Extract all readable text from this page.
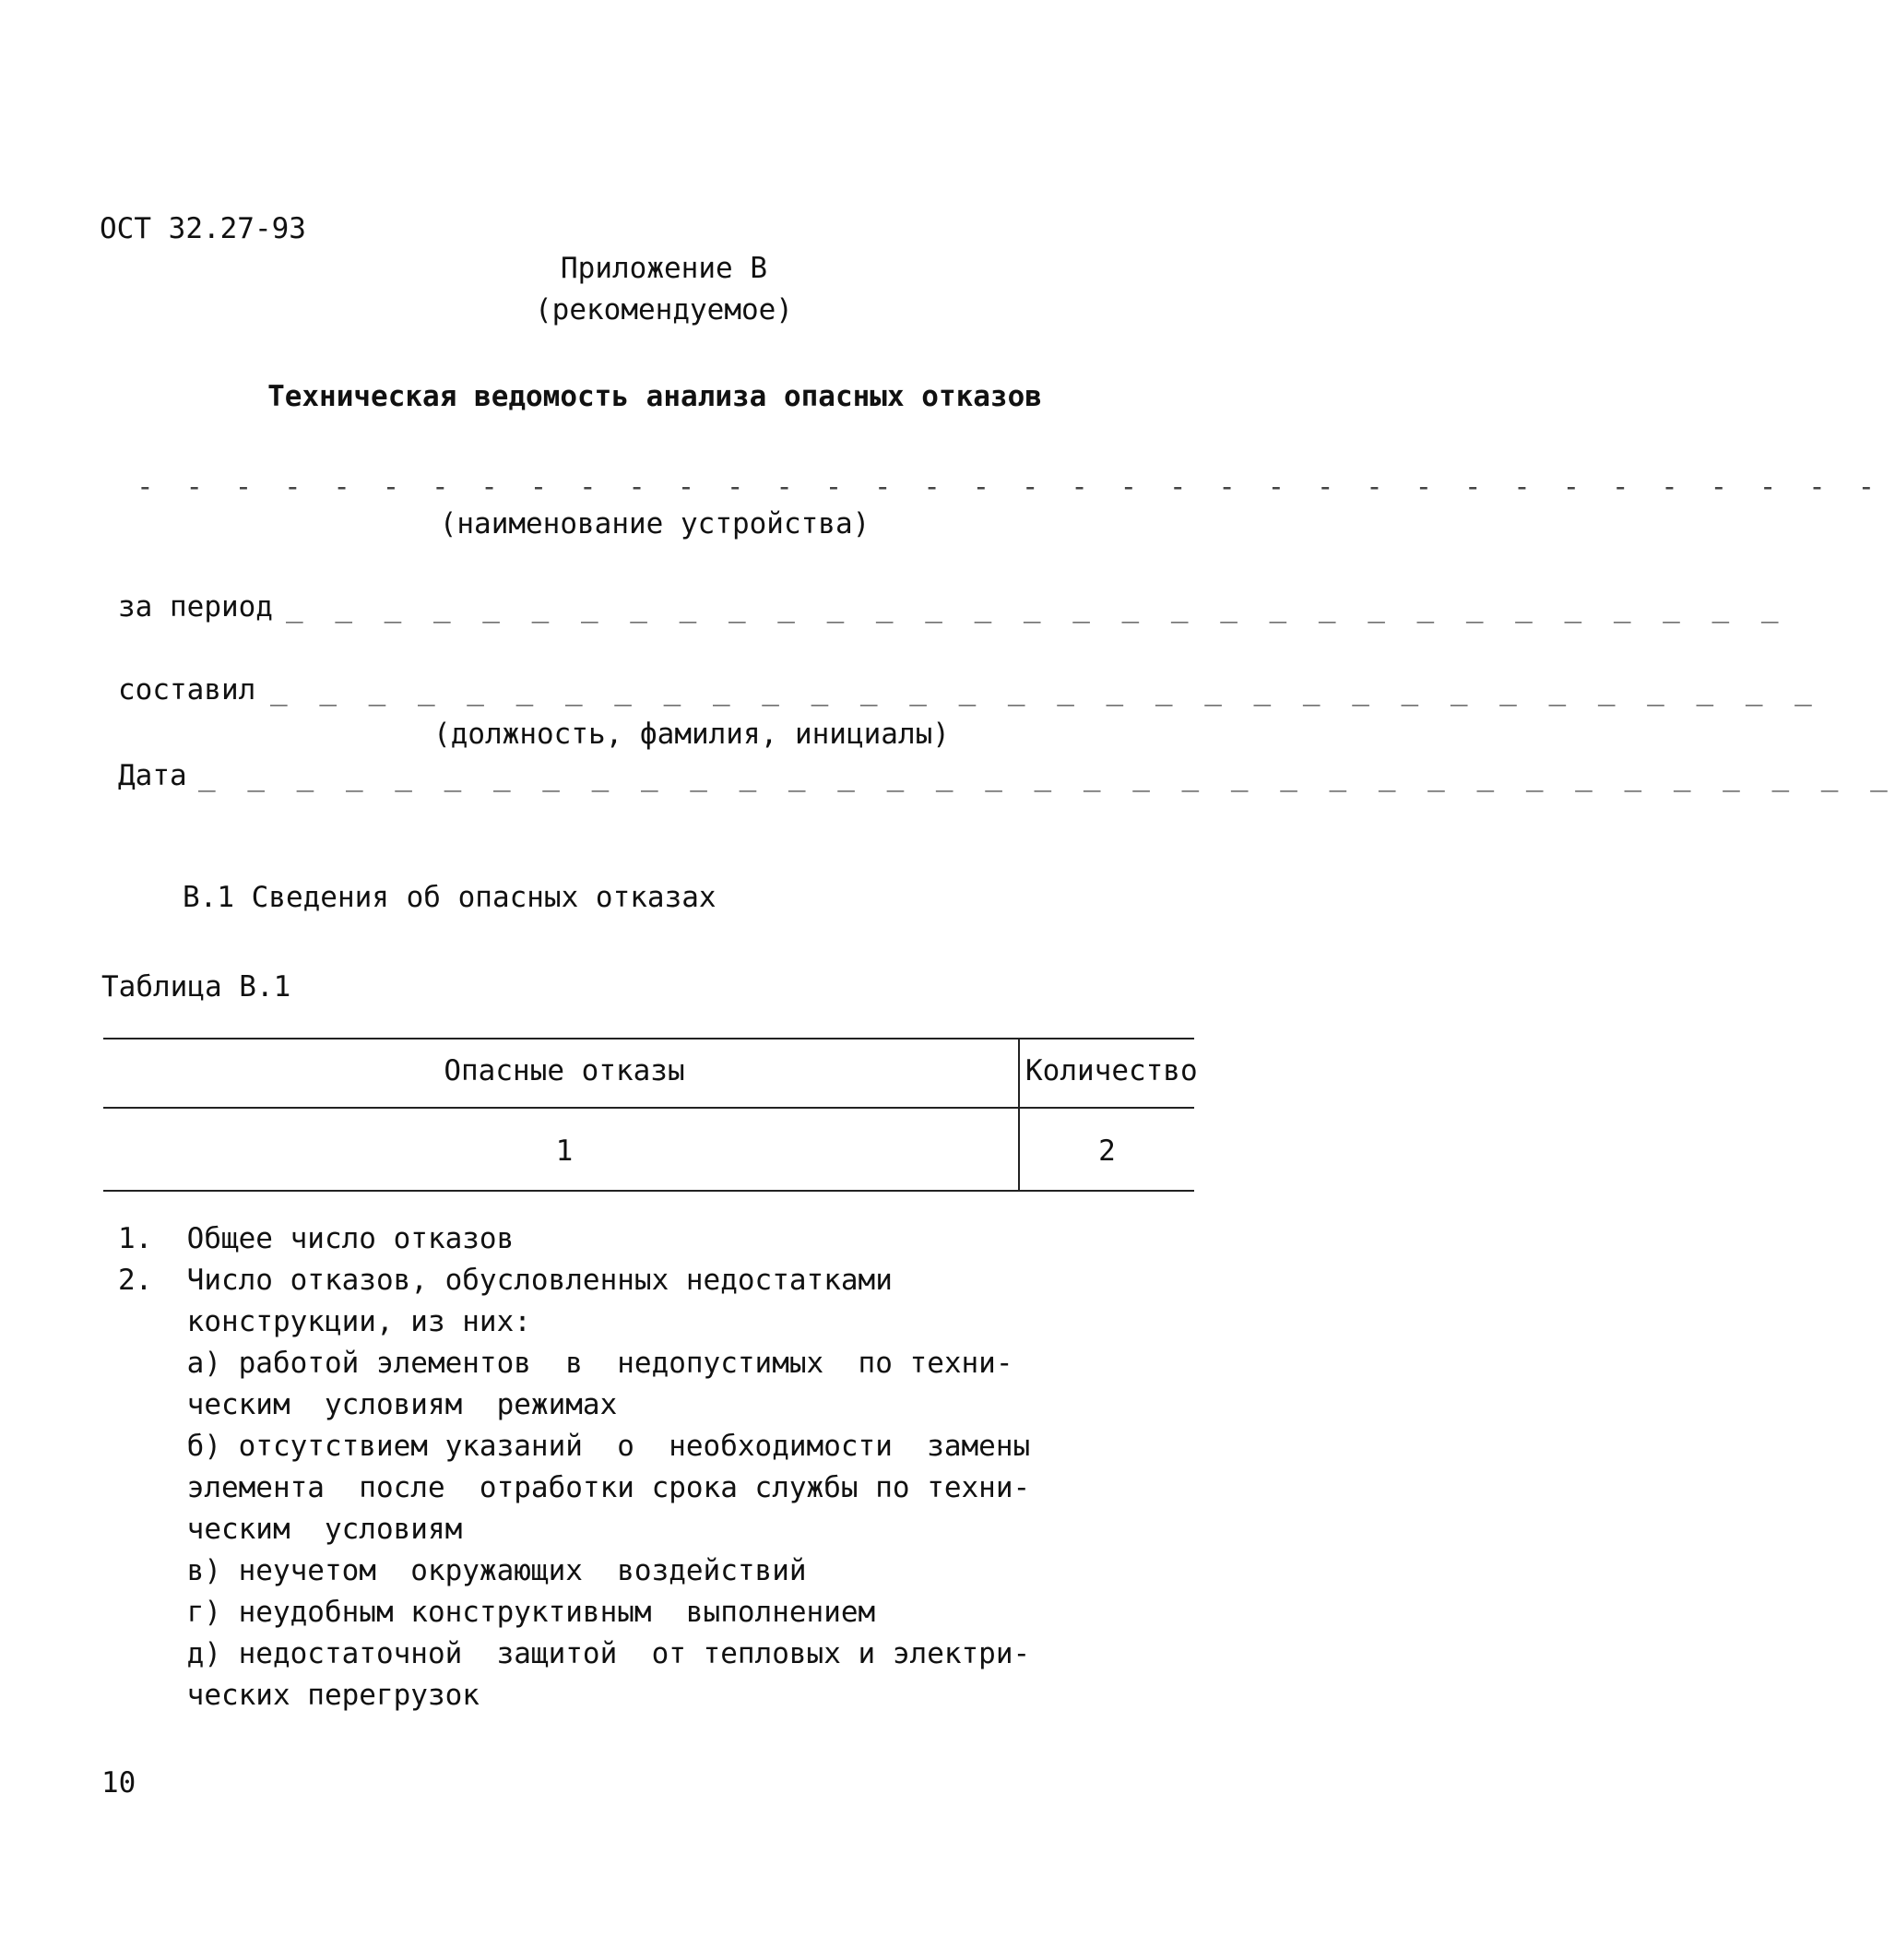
ОСТ 32.27-93
Приложение В
(рекомендуемое)
Техническая ведомость анализа опасных отказов
- - - - - - - - - - - - - - - - - - - - - - - - - - - - - - - - - - - -
(наименование устройства)
за период _ _ _ _ _ _ _ _ _ _ _ _ _ _ _ _ _ _ _ _ _ _ _ _ _ _ _ _ _ _ _
составил _ _ _ _ _ _ _ _ _ _ _ _ _ _ _ _ _ _ _ _ _ _ _ _ _ _ _ _ _ _ _ _
(должность, фамилия, инициалы)
Дата _ _ _ _ _ _ _ _ _ _ _ _ _ _ _ _ _ _ _ _ _ _ _ _ _ _ _ _ _ _ _ _ _ _ _
В.1 Сведения об опасных отказах
Таблица В.1
Опасные отказы	Количество
1	2
1.  Общее число отказов
2.  Число отказов, обусловленных недостатками
конструкции, из них:
а) работой элементов  в  недопустимых  по техни-
ческим  условиям  режимах
б) отсутствием указаний  о  необходимости  замены
элемента  после  отработки срока службы по техни-
ческим  условиям
в) неучетом  окружающих  воздействий
г) неудобным конструктивным  выполнением
д) недостаточной  защитой  от тепловых и электри-
ческих перегрузок
10
